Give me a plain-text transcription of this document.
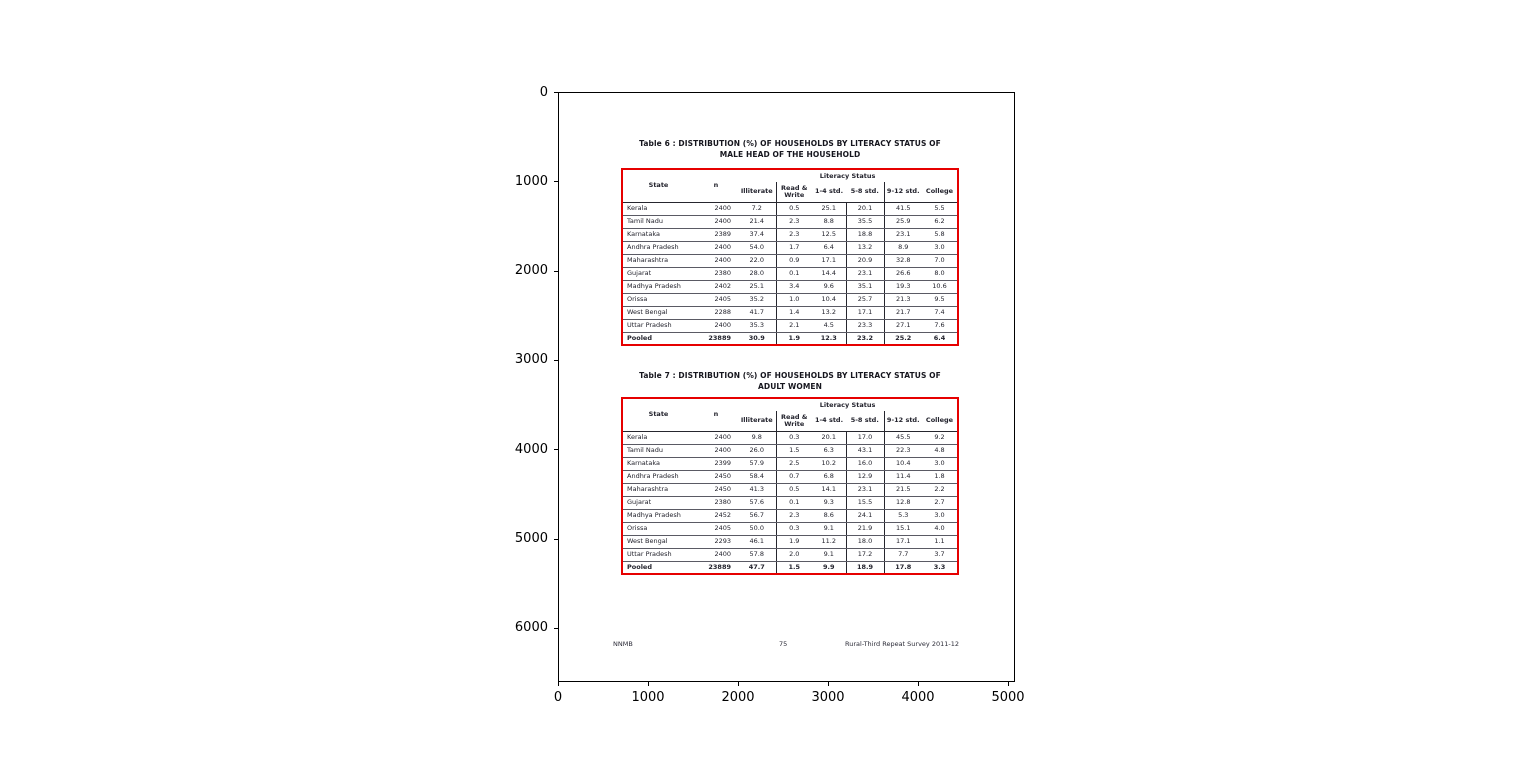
Table 6 : DISTRIBUTION (%) OF HOUSEHOLDS BY LITERACY STATUS OF
MALE HEAD OF THE HOUSEHOLD
State	n	Literacy Status					
		Illiterate	Read & Write	1-4 std.	5-8 std.	9-12 std.	College
Kerala	2400	7.2	0.5	25.1	20.1	41.5	5.5
Tamil Nadu	2400	21.4	2.3	8.8	35.5	25.9	6.2
Karnataka	2389	37.4	2.3	12.5	18.8	23.1	5.8
Andhra Pradesh	2400	54.0	1.7	6.4	13.2	8.9	3.0
Maharashtra	2400	22.0	0.9	17.1	20.9	32.8	7.0
Gujarat	2380	28.0	0.1	14.4	23.1	26.6	8.0
Madhya Pradesh	2402	25.1	3.4	9.6	35.1	19.3	10.6
Orissa	2405	35.2	1.0	10.4	25.7	21.3	9.5
West Bengal	2288	41.7	1.4	13.2	17.1	21.7	7.4
Uttar Pradesh	2400	35.3	2.1	4.5	23.3	27.1	7.6
Pooled	23889	30.9	1.9	12.3	23.2	25.2	6.4
Table 7 : DISTRIBUTION (%) OF HOUSEHOLDS BY LITERACY STATUS OF
ADULT WOMEN
State	n	Literacy Status					
		Illiterate	Read & Write	1-4 std.	5-8 std.	9-12 std.	College
Kerala	2400	9.8	0.3	20.1	17.0	45.5	9.2
Tamil Nadu	2400	26.0	1.5	6.3	43.1	22.3	4.8
Karnataka	2399	57.9	2.5	10.2	16.0	10.4	3.0
Andhra Pradesh	2450	58.4	0.7	6.8	12.9	11.4	1.8
Maharashtra	2450	41.3	0.5	14.1	23.1	21.5	2.2
Gujarat	2380	57.6	0.1	9.3	15.5	12.8	2.7
Madhya Pradesh	2452	56.7	2.3	8.6	24.1	5.3	3.0
Orissa	2405	50.0	0.3	9.1	21.9	15.1	4.0
West Bengal	2293	46.1	1.9	11.2	18.0	17.1	1.1
Uttar Pradesh	2400	57.8	2.0	9.1	17.2	7.7	3.7
Pooled	23889	47.7	1.5	9.9	18.9	17.8	3.3
NNMB	75	Rural-Third Repeat Survey 2011-12
0
1000
2000
3000
4000
5000
6000
0	1000	2000	3000	4000	5000
